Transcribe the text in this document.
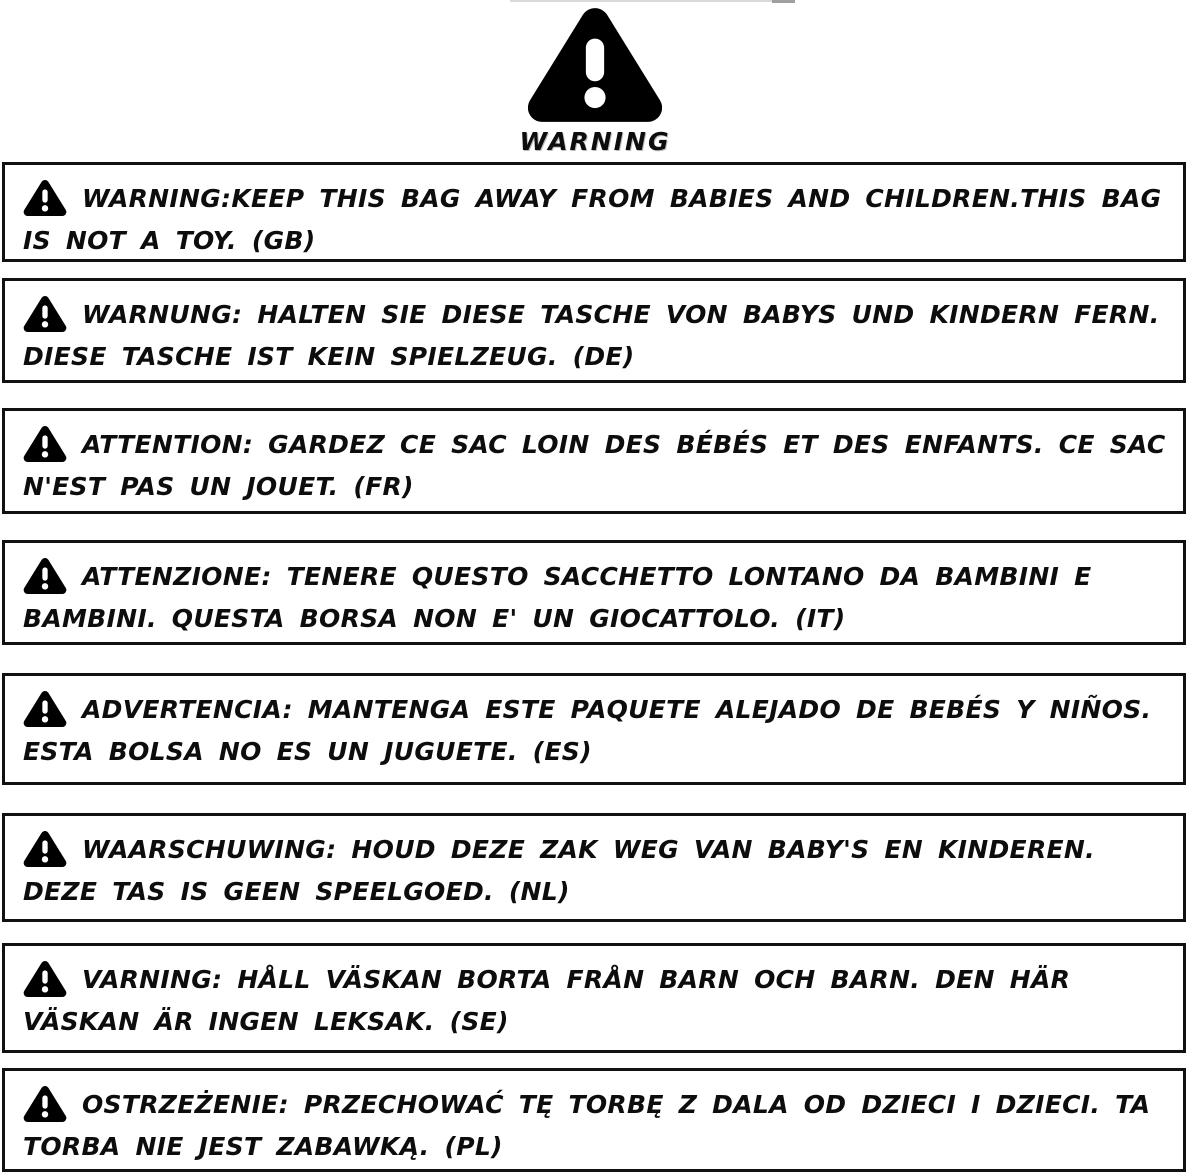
WARNING
WARNING:KEEP THIS BAG AWAY FROM BABIES AND CHILDREN.THIS BAG
IS NOT A TOY. (GB)
WARNUNG: HALTEN SIE DIESE TASCHE VON BABYS UND KINDERN FERN.
DIESE TASCHE IST KEIN SPIELZEUG. (DE)
ATTENTION: GARDEZ CE SAC LOIN DES BÉBÉS ET DES ENFANTS. CE SAC
N'EST PAS UN JOUET. (FR)
ATTENZIONE: TENERE QUESTO SACCHETTO LONTANO DA BAMBINI E
BAMBINI. QUESTA BORSA NON E' UN GIOCATTOLO. (IT)
ADVERTENCIA: MANTENGA ESTE PAQUETE ALEJADO DE BEBÉS Y NIÑOS.
ESTA BOLSA NO ES UN JUGUETE. (ES)
WAARSCHUWING: HOUD DEZE ZAK WEG VAN BABY'S EN KINDEREN.
DEZE TAS IS GEEN SPEELGOED. (NL)
VARNING: HÅLL VÄSKAN BORTA FRÅN BARN OCH BARN. DEN HÄR
VÄSKAN ÄR INGEN LEKSAK. (SE)
OSTRZEŻENIE: PRZECHOWAĆ TĘ TORBĘ Z DALA OD DZIECI I DZIECI. TA
TORBA NIE JEST ZABAWKĄ. (PL)
